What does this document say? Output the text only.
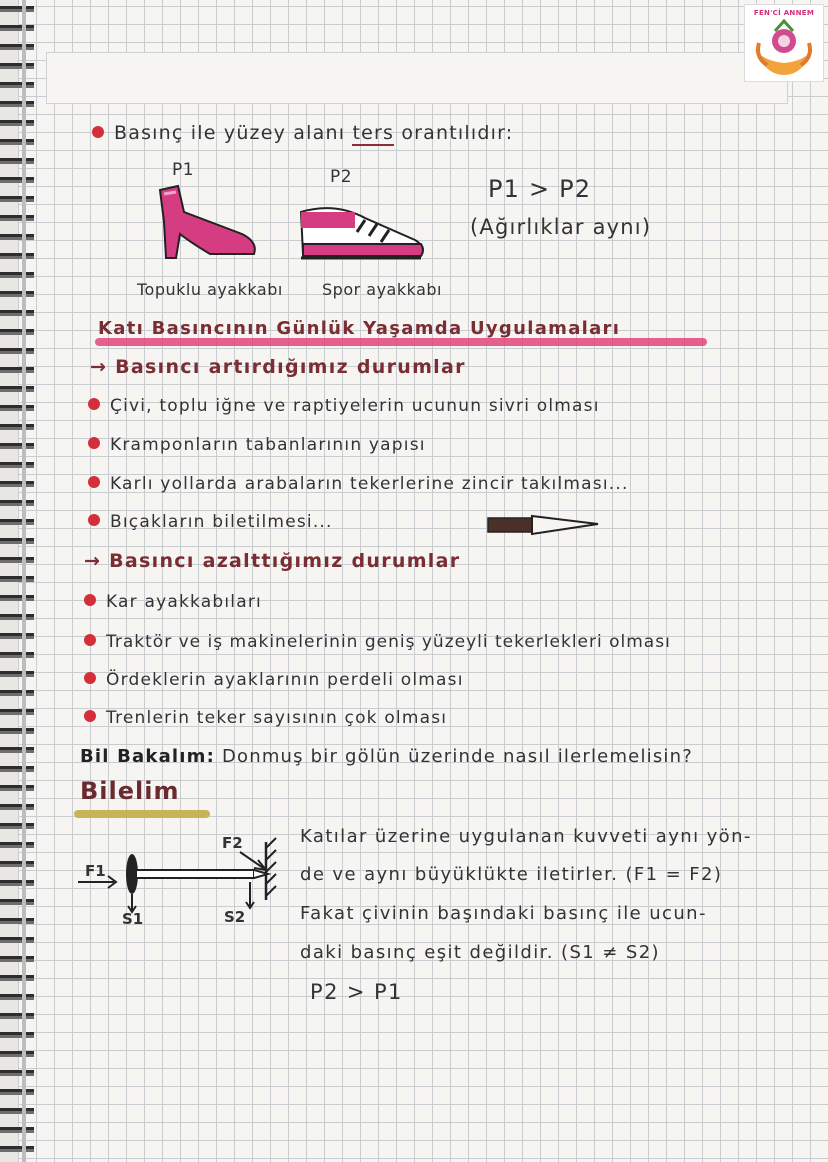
FEN'Cİ ANNEM
Basınç ile yüzey alanı ters orantılıdır:
P1	P2	P1 > P2
(Ağırlıklar aynı)
Topuklu ayakkabı Spor ayakkabı
Katı Basıncının Günlük Yaşamda Uygulamaları
→ Basıncı artırdığımız durumlar
Çivi, toplu iğne ve raptiyelerin ucunun sivri olması
Kramponların tabanlarının yapısı
Karlı yollarda arabaların tekerlerine zincir takılması...
Bıçakların biletilmesi...
→ Basıncı azalttığımız durumlar
Kar ayakkabıları
Traktör ve iş makinelerinin geniş yüzeyli tekerlekleri olması
Ördeklerin ayaklarının perdeli olması
Trenlerin teker sayısının çok olması
Bil Bakalım: Donmuş bir gölün üzerinde nasıl ilerlemelisin?
Bilelim
F1
F2
S1	S2
Katılar üzerine uygulanan kuvveti aynı yön-
de ve aynı büyüklükte iletirler. (F1 = F2)
Fakat çivinin başındaki basınç ile ucun-
daki basınç eşit değildir. (S1 ≠ S2)
P2 > P1
